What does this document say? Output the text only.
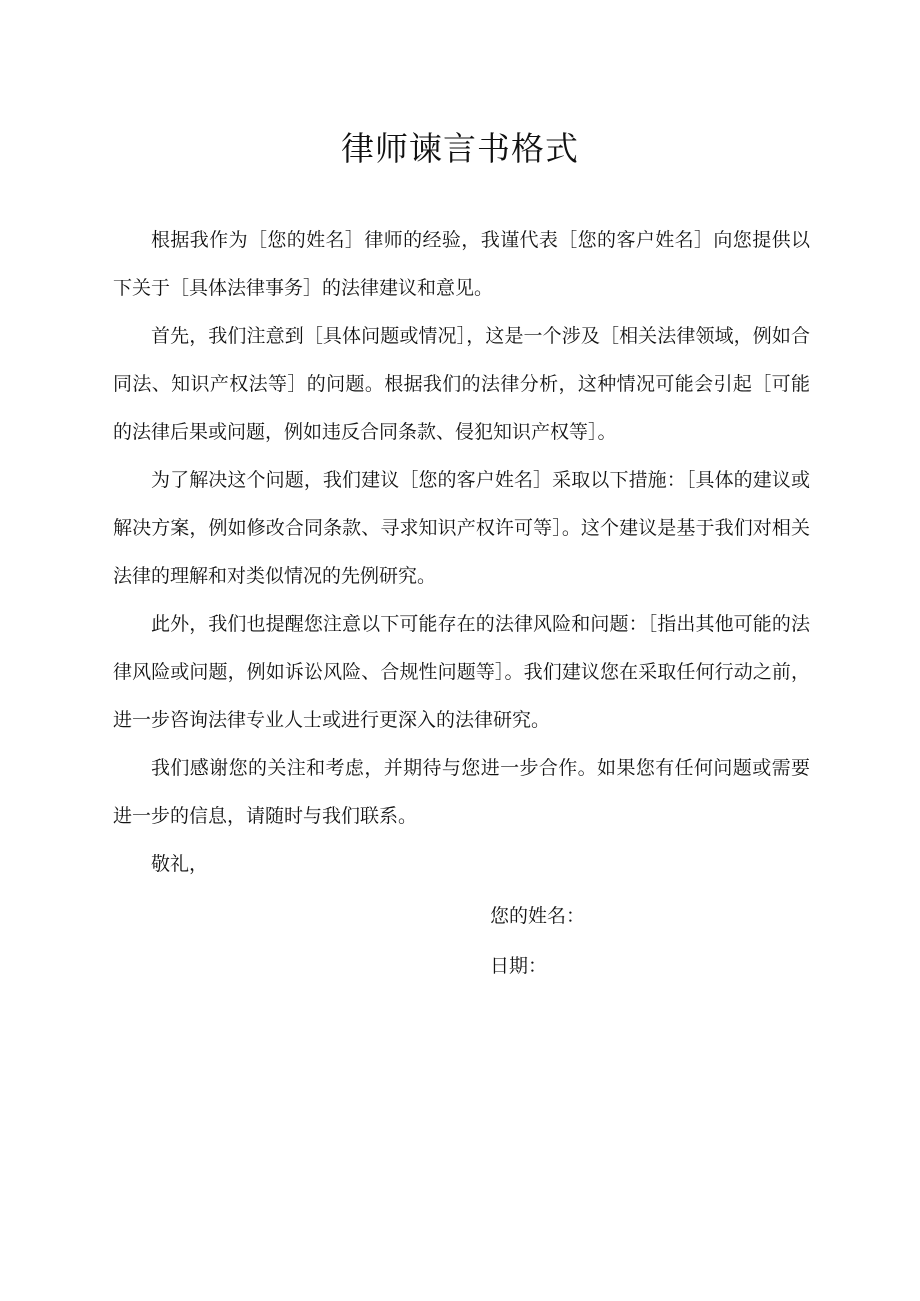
律师谏言书格式

根据我作为［您的姓名］律师的经验，我谨代表［您的客户姓名］向您提供以下关于［具体法律事务］的法律建议和意见。

首先，我们注意到［具体问题或情况］，这是一个涉及［相关法律领域，例如合同法、知识产权法等］的问题。根据我们的法律分析，这种情况可能会引起［可能的法律后果或问题，例如违反合同条款、侵犯知识产权等］。

为了解决这个问题，我们建议［您的客户姓名］采取以下措施：［具体的建议或解决方案，例如修改合同条款、寻求知识产权许可等］。这个建议是基于我们对相关法律的理解和对类似情况的先例研究。

此外，我们也提醒您注意以下可能存在的法律风险和问题：［指出其他可能的法律风险或问题，例如诉讼风险、合规性问题等］。我们建议您在采取任何行动之前，进一步咨询法律专业人士或进行更深入的法律研究。

我们感谢您的关注和考虑，并期待与您进一步合作。如果您有任何问题或需要进一步的信息，请随时与我们联系。

敬礼，

您的姓名：
日期：
